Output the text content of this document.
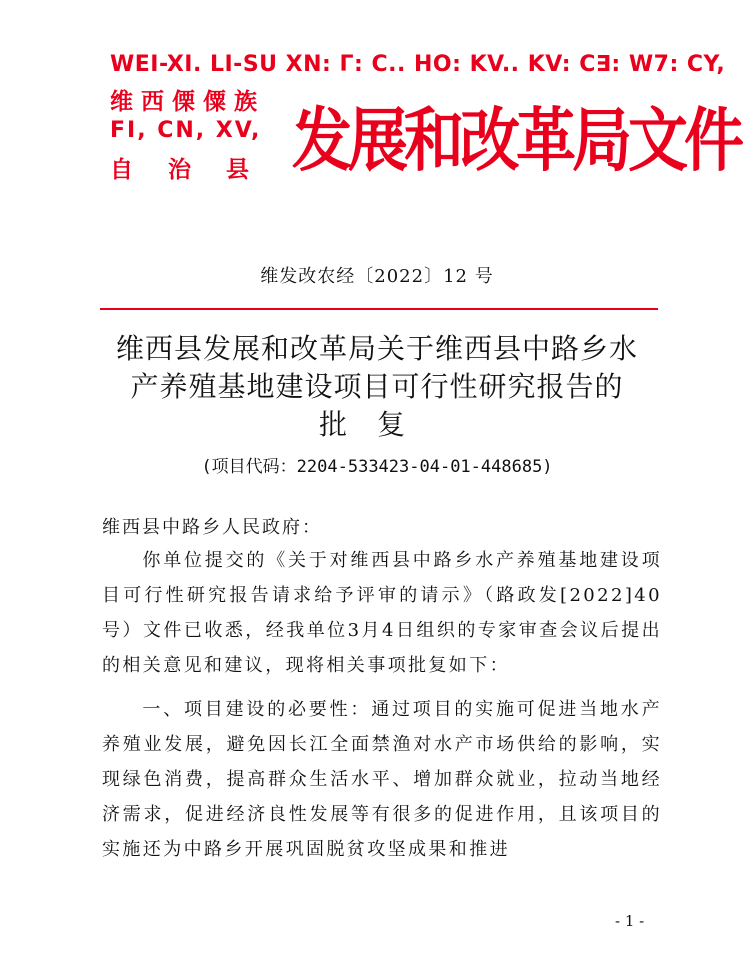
WEI-XI. LI-SU XN: Γ: C.. HO: KV.. KV: C∃: W7: CY,
维西傈僳族
FI, CN, XV,
自治县 发展和改革局文件
维发改农经〔2022〕12 号
维西县发展和改革局关于维西县中路乡水
产养殖基地建设项目可行性研究报告的
批复
(项目代码：2204-533423-04-01-448685)
维西县中路乡人民政府：
你单位提交的《关于对维西县中路乡水产养殖基地建设项目可行性研究报告请求给予评审的请示》（路政发[2022]40号）文件已收悉，经我单位3月4日组织的专家审查会议后提出的相关意见和建议，现将相关事项批复如下：
一、项目建设的必要性：通过项目的实施可促进当地水产养殖业发展，避免因长江全面禁渔对水产市场供给的影响，实现绿色消费，提高群众生活水平、增加群众就业，拉动当地经济需求，促进经济良性发展等有很多的促进作用，且该项目的实施还为中路乡开展巩固脱贫攻坚成果和推进
- 1 -
